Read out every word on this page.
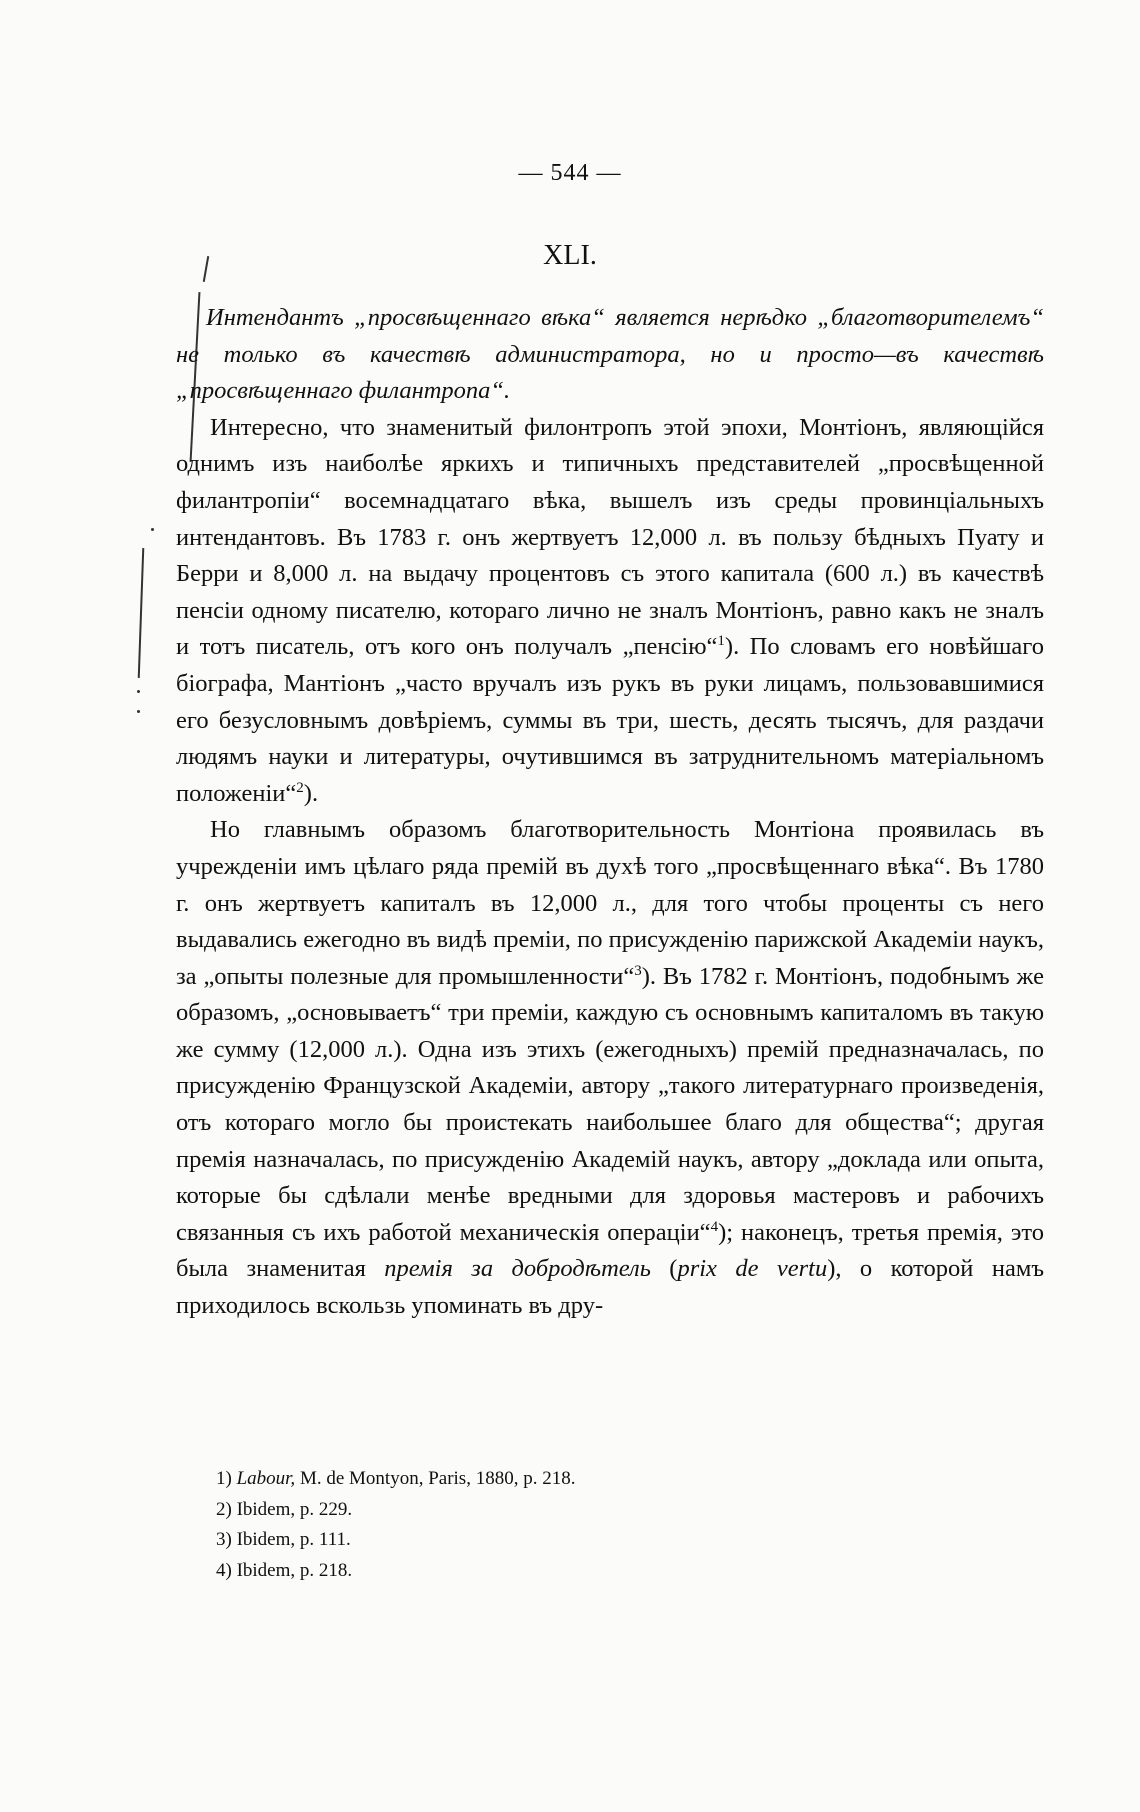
— 544 —
XLI.

Интендантъ „просвѣщеннаго вѣка“ является нерѣдко „благотворителемъ“ не только въ качествѣ администратора, но и просто—въ качествѣ „просвѣщеннаго филантропа“.

Интересно, что знаменитый филонтропъ этой эпохи, Монтіонъ, являющійся однимъ изъ наиболѣе яркихъ и типичныхъ представителей „просвѣщенной филантропіи“ восемнадцатаго вѣка, вышелъ изъ среды провинціальныхъ интендантовъ. Въ 1783 г. онъ жертвуетъ 12,000 л. въ пользу бѣдныхъ Пуату и Берри и 8,000 л. на выдачу процентовъ съ этого капитала (600 л.) въ качествѣ пенсіи одному писателю, котораго лично не зналъ Монтіонъ, равно какъ не зналъ и тотъ писатель, отъ кого онъ получалъ „пенсію“$^1$). По словамъ его новѣйшаго біографа, Мантіонъ „часто вручалъ изъ рукъ въ руки лицамъ, пользовавшимися его безусловнымъ довѣріемъ, суммы въ три, шесть, десять тысячъ, для раздачи людямъ науки и литературы, очутившимся въ затруднительномъ матеріальномъ положеніи“$^2$).

Но главнымъ образомъ благотворительность Монтіона проявилась въ учрежденіи имъ цѣлаго ряда премій въ духѣ того „просвѣщеннаго вѣка“. Въ 1780 г. онъ жертвуетъ капиталъ въ 12,000 л., для того чтобы проценты съ него выдавались ежегодно въ видѣ преміи, по присужденію парижской Академіи наукъ, за „опыты полезные для промышленности“$^3$). Въ 1782 г. Монтіонъ, подобнымъ же образомъ, „основываетъ“ три преміи, каждую съ основнымъ капиталомъ въ такую же сумму (12,000 л.). Одна изъ этихъ (ежегодныхъ) премій предназначалась, по присужденію Французской Академіи, автору „такого литературнаго произведенія, отъ котораго могло бы проистекать наибольшее благо для общества“; другая премія назначалась, по присужденію Академій наукъ, автору „доклада или опыта, которые бы сдѣлали менѣе вредными для здоровья мастеровъ и рабочихъ связанныя съ ихъ работой механическія операціи“$^4$); наконецъ, третья премія, это была знаменитая премія за добродѣтель (prix de vertu), о которой намъ приходилось вскользь упоминать въ дру-

1) Labour, M. de Montyon, Paris, 1880, p. 218.
2) Ibidem, p. 229.
3) Ibidem, p. 111.
4) Ibidem, p. 218.
